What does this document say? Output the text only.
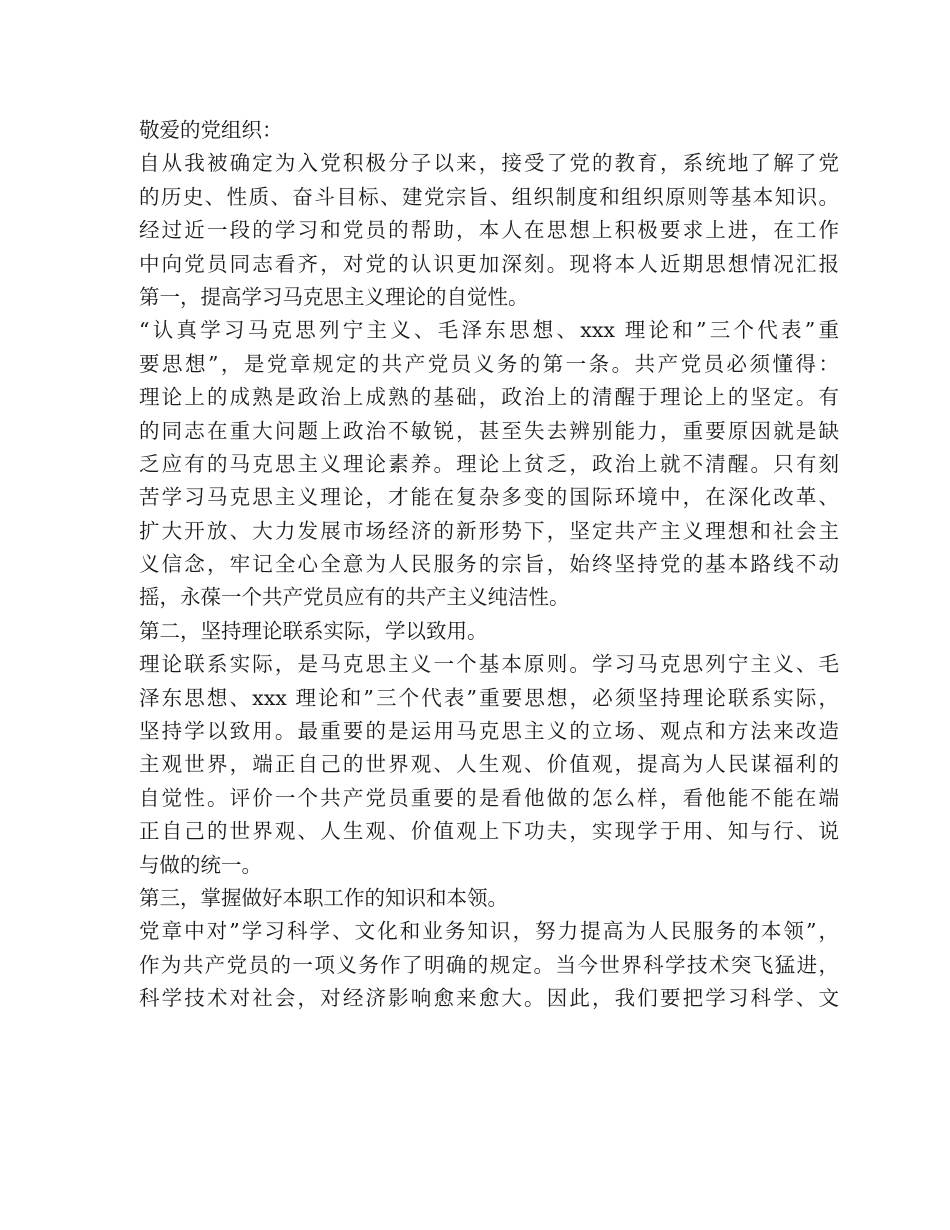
敬爱的党组织：
自从我被确定为入党积极分子以来，接受了党的教育，系统地了解了党
的历史、性质、奋斗目标、建党宗旨、组织制度和组织原则等基本知识。
经过近一段的学习和党员的帮助，本人在思想上积极要求上进，在工作
中向党员同志看齐，对党的认识更加深刻。现将本人近期思想情况汇报
第一，提高学习马克思主义理论的自觉性。
“认真学习马克思列宁主义、毛泽东思想、xxx 理论和”三个代表”重
要思想”，是党章规定的共产党员义务的第一条。共产党员必须懂得：
理论上的成熟是政治上成熟的基础，政治上的清醒于理论上的坚定。有
的同志在重大问题上政治不敏锐，甚至失去辨别能力，重要原因就是缺
乏应有的马克思主义理论素养。理论上贫乏，政治上就不清醒。只有刻
苦学习马克思主义理论，才能在复杂多变的国际环境中，在深化改革、
扩大开放、大力发展市场经济的新形势下，坚定共产主义理想和社会主
义信念，牢记全心全意为人民服务的宗旨，始终坚持党的基本路线不动
摇，永葆一个共产党员应有的共产主义纯洁性。
第二，坚持理论联系实际，学以致用。
理论联系实际，是马克思主义一个基本原则。学习马克思列宁主义、毛
泽东思想、xxx 理论和”三个代表”重要思想，必须坚持理论联系实际，
坚持学以致用。最重要的是运用马克思主义的立场、观点和方法来改造
主观世界，端正自己的世界观、人生观、价值观，提高为人民谋福利的
自觉性。评价一个共产党员重要的是看他做的怎么样，看他能不能在端
正自己的世界观、人生观、价值观上下功夫，实现学于用、知与行、说
与做的统一。
第三，掌握做好本职工作的知识和本领。
党章中对”学习科学、文化和业务知识，努力提高为人民服务的本领”，
作为共产党员的一项义务作了明确的规定。当今世界科学技术突飞猛进，
科学技术对社会，对经济影响愈来愈大。因此，我们要把学习科学、文
